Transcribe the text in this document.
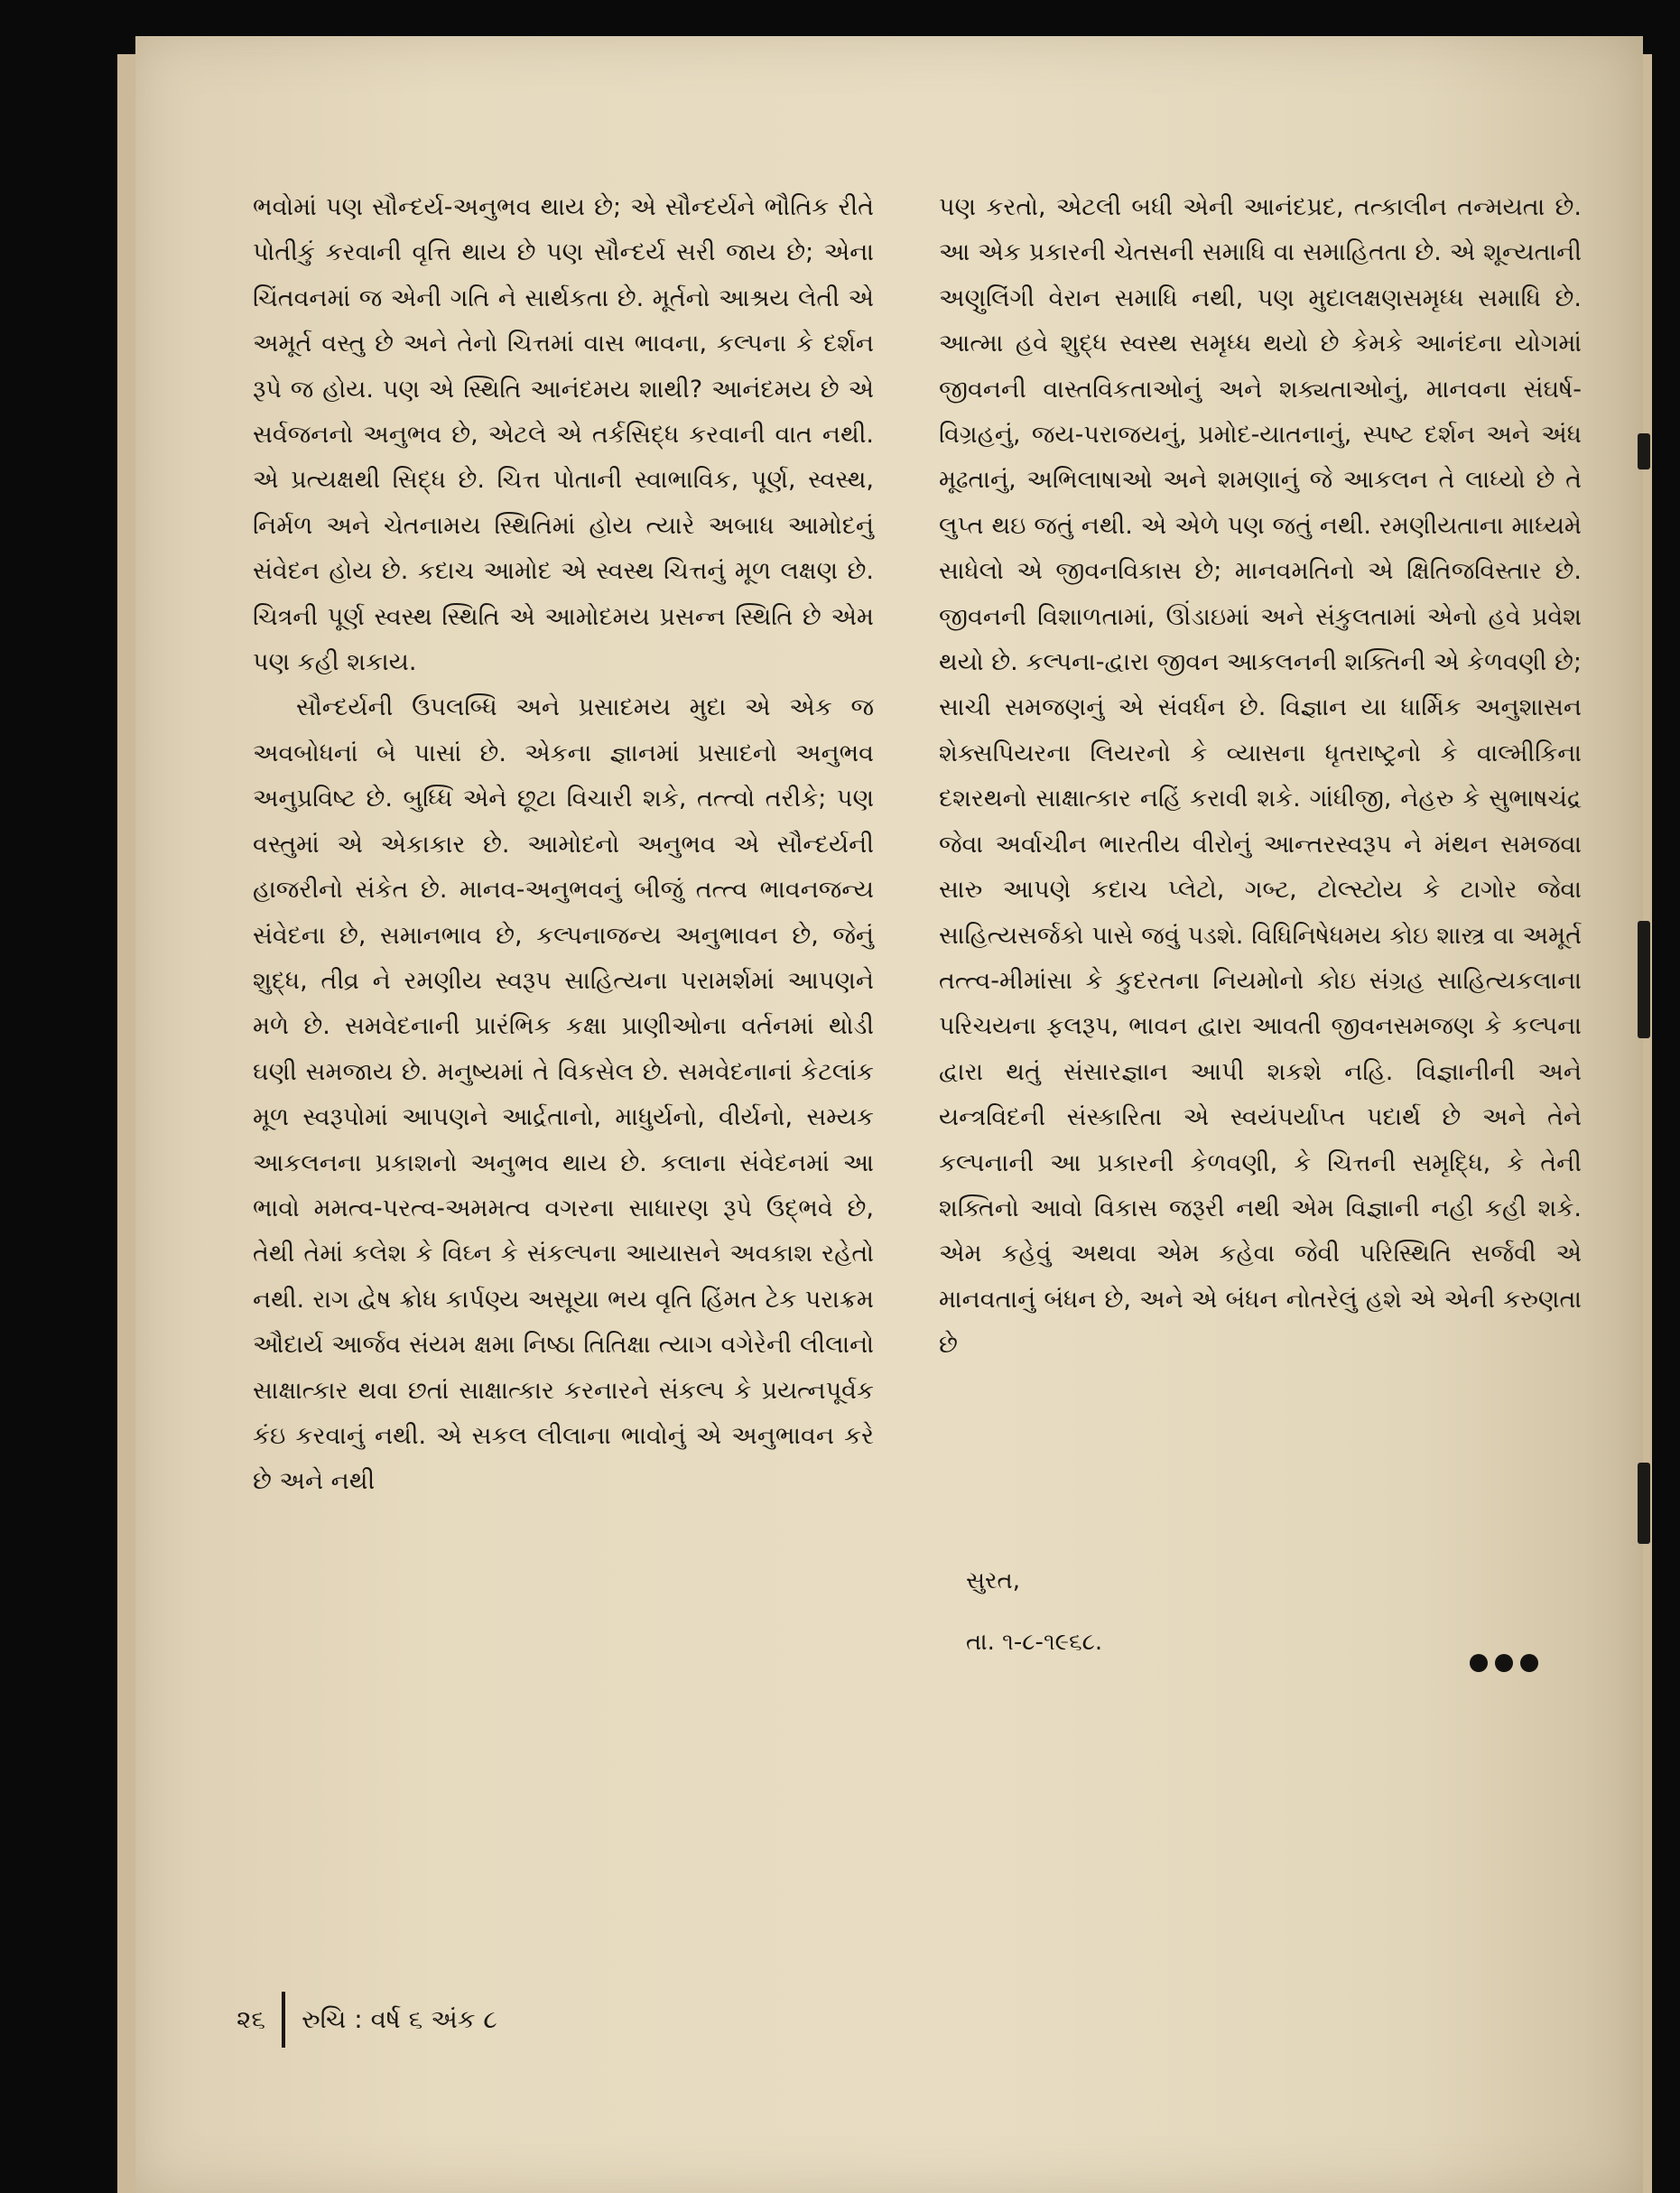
ભવોમાં પણ સૌન્દર્ય-અનુભવ થાય છે; એ સૌન્દર્યને ભૌતિક રીતે પોતીકું કરવાની વૃત્તિ થાય છે પણ સૌન્દર્ય સરી જાય છે; એના ચિંતવનમાં જ એની ગતિ ને સાર્થકતા છે. મૂર્તનો આશ્રય લેતી એ અમૂર્ત વસ્તુ છે અને તેનો ચિત્તમાં વાસ ભાવના, કલ્પના કે દર્શન રૂપે જ હોય. પણ એ સ્થિતિ આનંદમય શાથી? આનંદમય છે એ સર્વજનનો અનુભવ છે, એટલે એ તર્કસિદ્ધ કરવાની વાત નથી. એ પ્રત્યક્ષથી સિદ્ધ છે. ચિત્ત પોતાની સ્વાભાવિક, પૂર્ણ, સ્વસ્થ, નિર્મળ અને ચેતનામય સ્થિતિમાં હોય ત્યારે અબાધ આમોદનું સંવેદન હોય છે. કદાચ આમોદ એ સ્વસ્થ ચિત્તનું મૂળ લક્ષણ છે. ચિત્રની પૂર્ણ સ્વસ્થ સ્થિતિ એ આમોદમય પ્રસન્ન સ્થિતિ છે એમ પણ કહી શકાય.

સૌન્દર્યની ઉપલબ્ધિ અને પ્રસાદમય મુદા એ એક જ અવબોધનાં બે પાસાં છે. એકના જ્ઞાનમાં પ્રસાદનો અનુભવ અનુપ્રવિષ્ટ છે. બુધ્ધિ એને છૂટા વિચારી શકે, તત્ત્વો તરીકે; પણ વસ્તુમાં એ એકાકાર છે. આમોદનો અનુભવ એ સૌન્દર્યની હાજરીનો સંકેત છે. માનવ-અનુભવનું બીજું તત્ત્વ ભાવનજન્ય સંવેદના છે, સમાનભાવ છે, કલ્પનાજન્ય અનુભાવન છે, જેનું શુદ્ધ, તીવ્ર ને રમણીય સ્વરૂપ સાહિત્યના પરામર્શમાં આપણને મળે છે. સમવેદનાની પ્રારંભિક કક્ષા પ્રાણીઓના વર્તનમાં થોડી ઘણી સમજાય છે. મનુષ્યમાં તે વિકસેલ છે. સમવેદનાનાં કેટલાંક મૂળ સ્વરૂપોમાં આપણને આર્દ્રતાનો, માધુર્યનો, વીર્યનો, સમ્યક આકલનના પ્રકાશનો અનુભવ થાય છે. કલાના સંવેદનમાં આ ભાવો મમત્વ-પરત્વ-અમમત્વ વગરના સાધારણ રૂપે ઉદ્ભવે છે, તેથી તેમાં કલેશ કે વિઘ્ન કે સંકલ્પના આયાસને અવકાશ રહેતો નથી. રાગ દ્વેષ ક્રોધ કાર્પણ્ય અસૂયા ભય વૃતિ હિંમત ટેક પરાક્રમ ઔદાર્ય આર્જવ સંયમ ક્ષમા નિષ્ઠા તિતિક્ષા ત્યાગ વગેરેની લીલાનો સાક્ષાત્કાર થવા છતાં સાક્ષાત્કાર કરનારને સંકલ્પ કે પ્રયત્નપૂર્વક કંઇ કરવાનું નથી. એ સકલ લીલાના ભાવોનું એ અનુભાવન કરે છે અને નથી

પણ કરતો, એટલી બધી એની આનંદપ્રદ, તત્કાલીન તન્મયતા છે. આ એક પ્રકારની ચેતસની સમાધિ વા સમાહિતતા છે. એ શૂન્યતાની અણુલિંગી વેરાન સમાધિ નથી, પણ મુદાલક્ષણસમૃધ્ધ સમાધિ છે. આત્મા હવે શુદ્ધ સ્વસ્થ સમૃધ્ધ થયો છે કેમકે આનંદના યોગમાં જીવનની વાસ્તવિકતાઓનું અને શક્યતાઓનું, માનવના સંઘર્ષ-વિગ્રહનું, જય-પરાજયનું, પ્રમોદ-યાતનાનું, સ્પષ્ટ દર્શન અને અંધ મૂઢતાનું, અભિલાષાઓ અને શમણાનું જે આકલન તે લાધ્યો છે તે લુપ્ત થઇ જતું નથી. એ એળે પણ જતું નથી. રમણીયતાના માધ્યમે સાધેલો એ જીવનવિકાસ છે; માનવમતિનો એ ક્ષિતિજવિસ્તાર છે. જીવનની વિશાળતામાં, ઊંડાઇમાં અને સંકુલતામાં એનો હવે પ્રવેશ થયો છે. કલ્પના-દ્વારા જીવન આકલનની શક્તિની એ કેળવણી છે; સાચી સમજણનું એ સંવર્ધન છે. વિજ્ઞાન યા ધાર્મિક અનુશાસન શેક્સપિયરના લિયરનો કે વ્યાસના ધૃતરાષ્ટ્રનો કે વાલ્મીકિના દશરથનો સાક્ષાત્કાર નહિં કરાવી શકે. ગાંધીજી, નેહરુ કે સુભાષચંદ્ર જેવા અર્વાચીન ભારતીય વીરોનું આન્તરસ્વરૂપ ને મંથન સમજવા સારુ આપણે કદાચ પ્લેટો, ગબ્ટ, ટોલ્સ્ટોય કે ટાગોર જેવા સાહિત્યસર્જકો પાસે જવું પડશે. વિધિનિષેધમય કોઇ શાસ્ત્ર વા અમૂર્ત તત્ત્વ-મીમાંસા કે કુદરતના નિયમોનો કોઇ સંગ્રહ સાહિત્યકલાના પરિચયના ફલરૂપ, ભાવન દ્વારા આવતી જીવનસમજણ કે કલ્પના દ્વારા થતું સંસારજ્ઞાન આપી શકશે નહિ. વિજ્ઞાનીની અને યન્ત્રવિદની સંસ્કારિતા એ સ્વયંપર્યાપ્ત પદાર્થ છે અને તેને કલ્પનાની આ પ્રકારની કેળવણી, કે ચિત્તની સમૃદ્ધિ, કે તેની શક્તિનો આવો વિકાસ જરૂરી નથી એમ વિજ્ઞાની નહી કહી શકે. એમ કહેવું અથવા એમ કહેવા જેવી પરિસ્થિતિ સર્જવી એ માનવતાનું બંધન છે, અને એ બંધન નોતરેલું હશે એ એની કરુણતા છે

સુરત,
તા. ૧-૮-૧૯૬૮.
૨૬ રુચિ : વર્ષ ૬ અંક ૮
